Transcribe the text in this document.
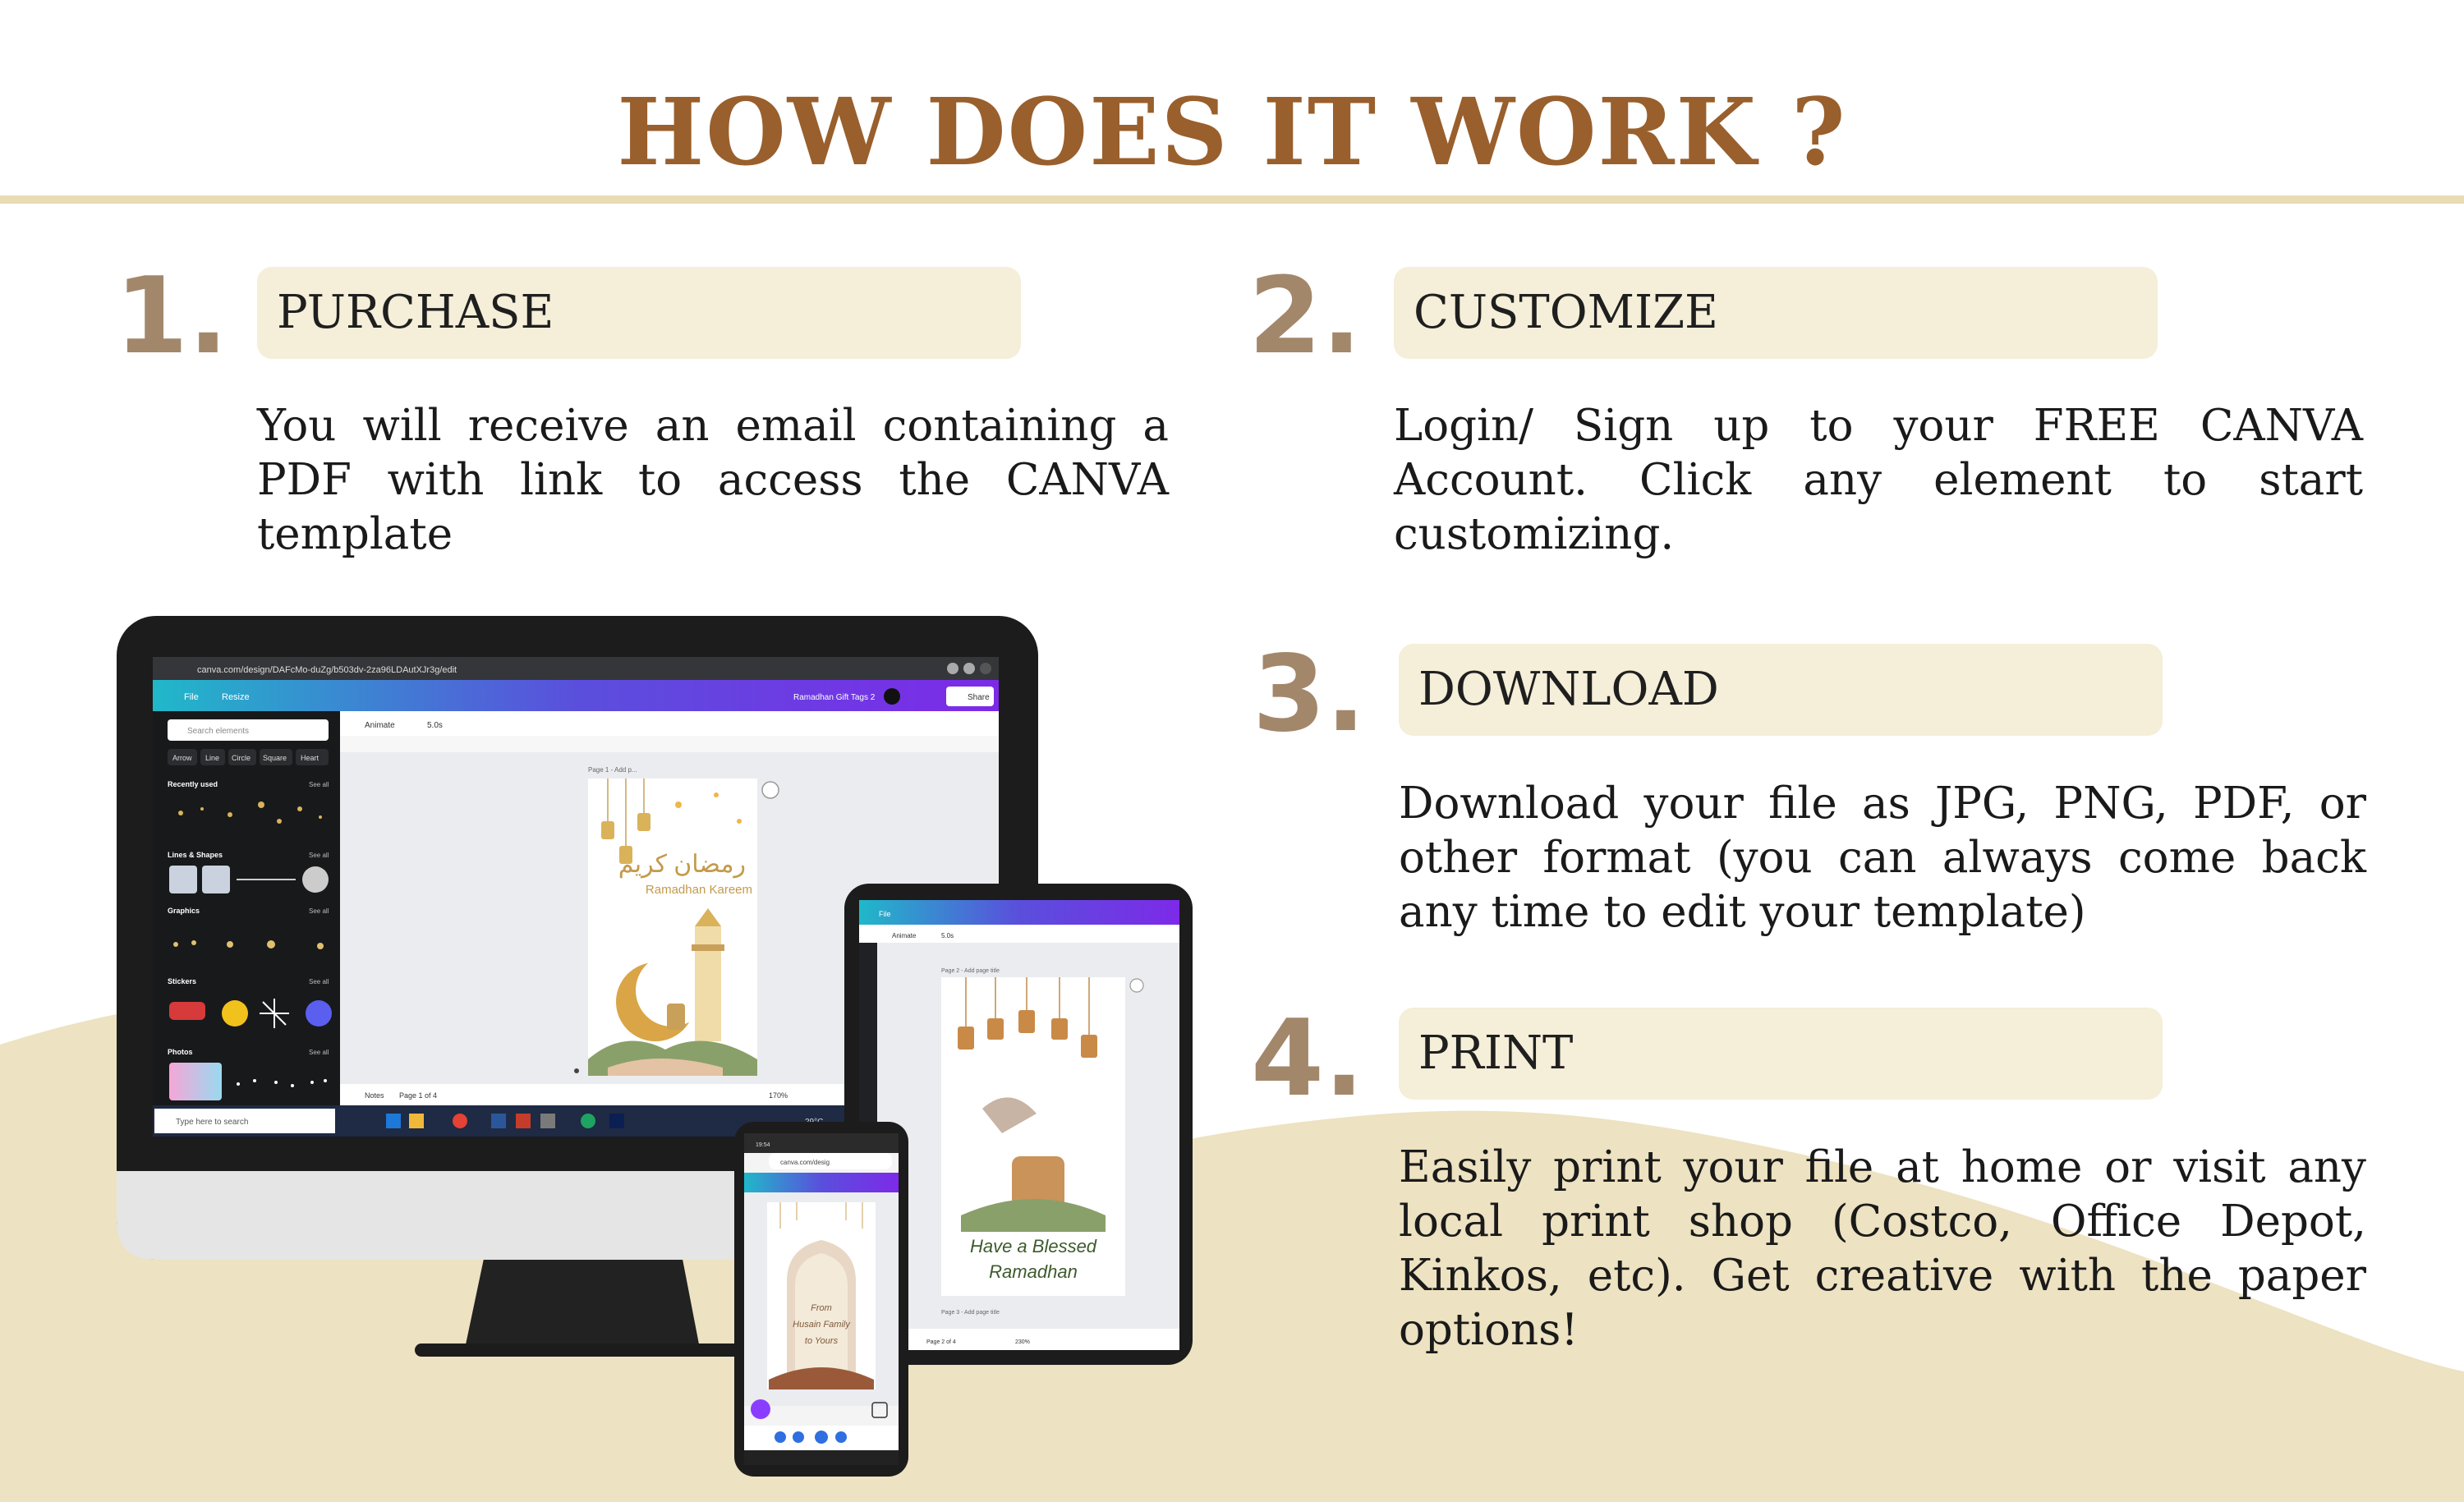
HOW DOES IT WORK ?
1.	PURCHASE

You will receive an email containing a PDF with link to access the CANVA template

2.	CUSTOMIZE

Login/ Sign up to your FREE CANVA Account. Click any element to start customizing.

3.	DOWNLOAD

Download your file as JPG, PNG, PDF, or other format (you can always come back any time to edit your template)

4.	PRINT

Easily print your file at home or visit any local print shop (Costco, Office Depot, Kinkos, etc). Get creative with the paper options!

canva.com/design/DAFcMo-duZg/b503dv-2za96LDAutXJr3g/edit
File	Resize	Ramadhan Gift Tags 2	Share
Search elements
Arrow Line Circle Square Heart
Recently used	See all
Lines & Shapes	See all
Graphics	See all
Stickers	See all
Photos	See all
Animate	5.0s
Page 1 - Add p...
رمضان كريم
Ramadhan Kareem
Notes Page 1 of 4	170%
Type here to search
File
Animate	5.0s
Page 2 - Add page title
Have a Blessed
Ramadhan
Page 3 - Add page title
Page 2 of 4	230%
19:54
canva.com/desig
From
Husain Family
to Yours
